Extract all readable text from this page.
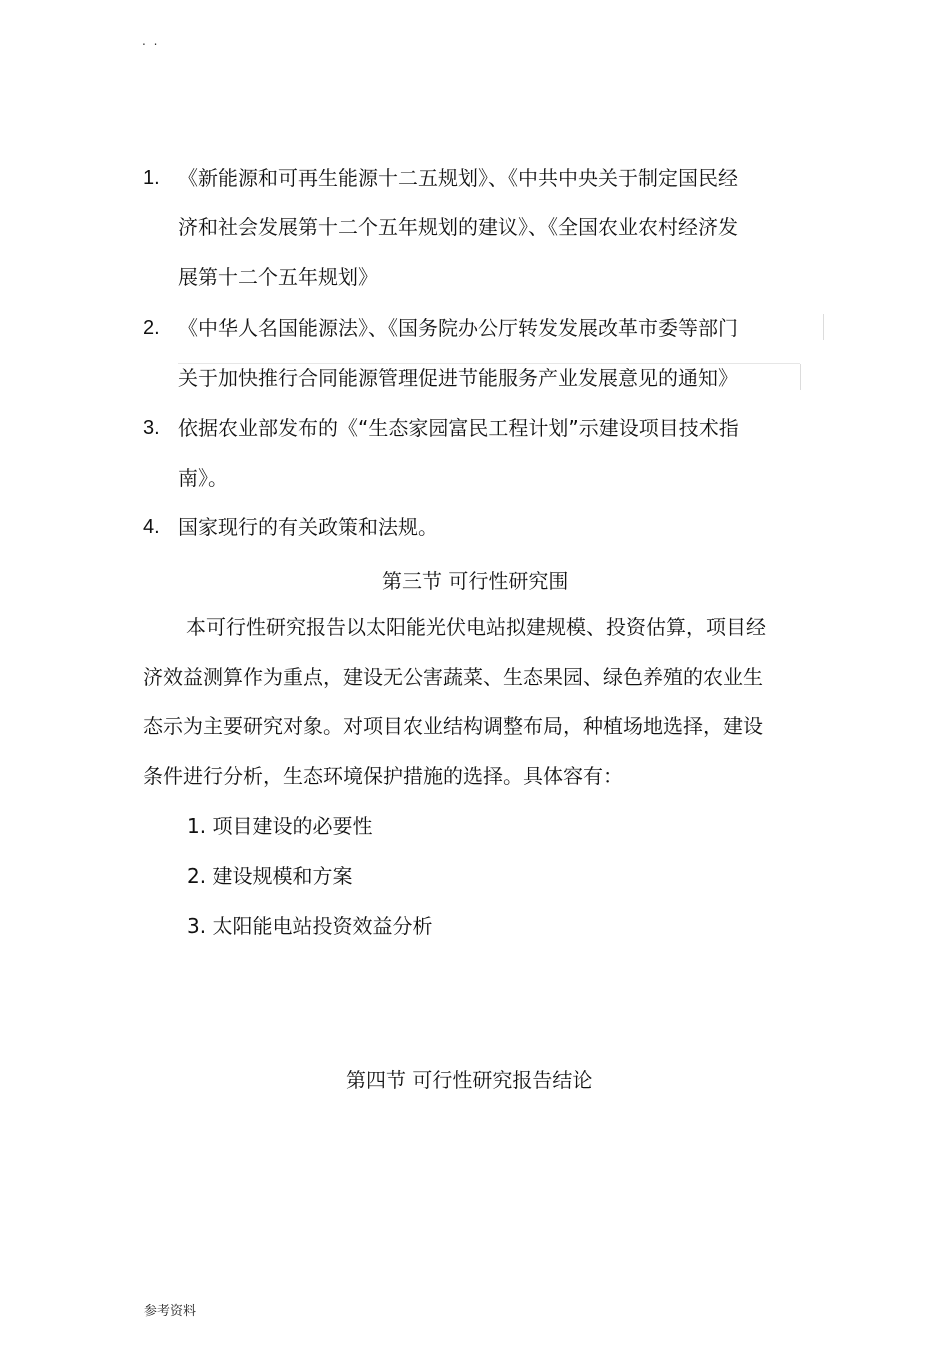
. .
1. 《新能源和可再生能源十二五规划》、《中共中央关于制定国民经
济和社会发展第十二个五年规划的建议》、《全国农业农村经济发
展第十二个五年规划》
2. 《中华人名国能源法》、《国务院办公厅转发发展改革市委等部门
关于加快推行合同能源管理促进节能服务产业发展意见的通知》
3. 依据农业部发布的《“生态家园富民工程计划”示建设项目技术指
南》。
4. 国家现行的有关政策和法规。
第三节 可行性研究围
本可行性研究报告以太阳能光伏电站拟建规模、投资估算，项目经
济效益测算作为重点，建设无公害蔬菜、生态果园、绿色养殖的农业生
态示为主要研究对象。对项目农业结构调整布局，种植场地选择，建设
条件进行分析，生态环境保护措施的选择。具体容有：
1. 项目建设的必要性
2. 建设规模和方案
3. 太阳能电站投资效益分析
第四节 可行性研究报告结论
参考资料
